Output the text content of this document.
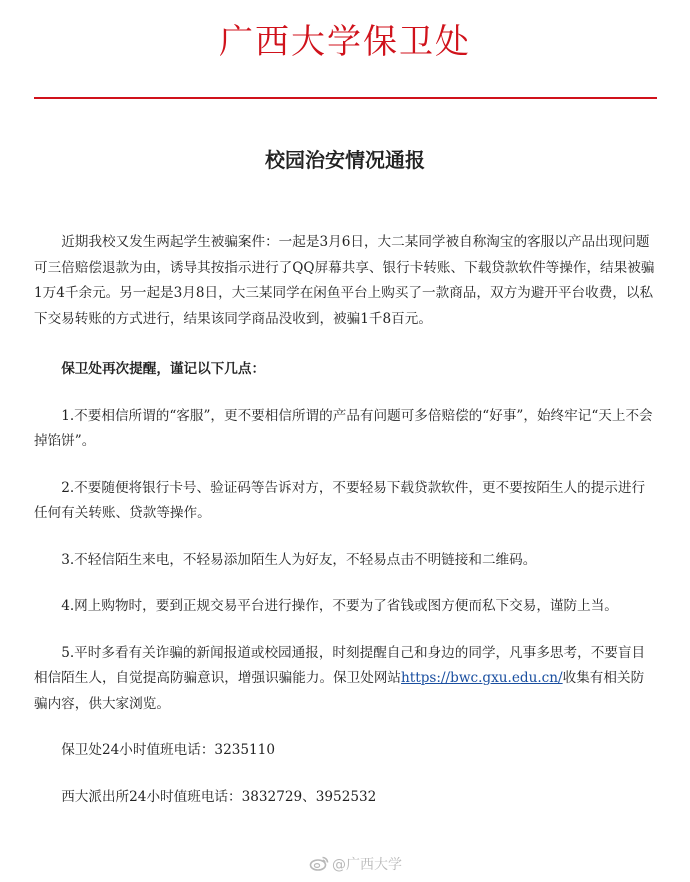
广西大学保卫处
校园治安情况通报

近期我校又发生两起学生被骗案件：一起是3月6日，大二某同学被自称淘宝的客服以产品出现问题可三倍赔偿退款为由，诱导其按指示进行了QQ屏幕共享、银行卡转账、下载贷款软件等操作，结果被骗1万4千余元。另一起是3月8日，大三某同学在闲鱼平台上购买了一款商品，双方为避开平台收费，以私下交易转账的方式进行，结果该同学商品没收到，被骗1千8百元。

保卫处再次提醒，谨记以下几点：

1.不要相信所谓的“客服”，更不要相信所谓的产品有问题可多倍赔偿的“好事”，始终牢记“天上不会掉馅饼”。

2.不要随便将银行卡号、验证码等告诉对方，不要轻易下载贷款软件，更不要按陌生人的提示进行任何有关转账、贷款等操作。

3.不轻信陌生来电，不轻易添加陌生人为好友，不轻易点击不明链接和二维码。

4.网上购物时，要到正规交易平台进行操作，不要为了省钱或图方便而私下交易，谨防上当。

5.平时多看有关诈骗的新闻报道或校园通报，时刻提醒自己和身边的同学，凡事多思考，不要盲目相信陌生人，自觉提高防骗意识，增强识骗能力。保卫处网站https://bwc.gxu.edu.cn/收集有相关防骗内容，供大家浏览。

保卫处24小时值班电话：3235110

西大派出所24小时值班电话：3832729、3952532

@广西大学
